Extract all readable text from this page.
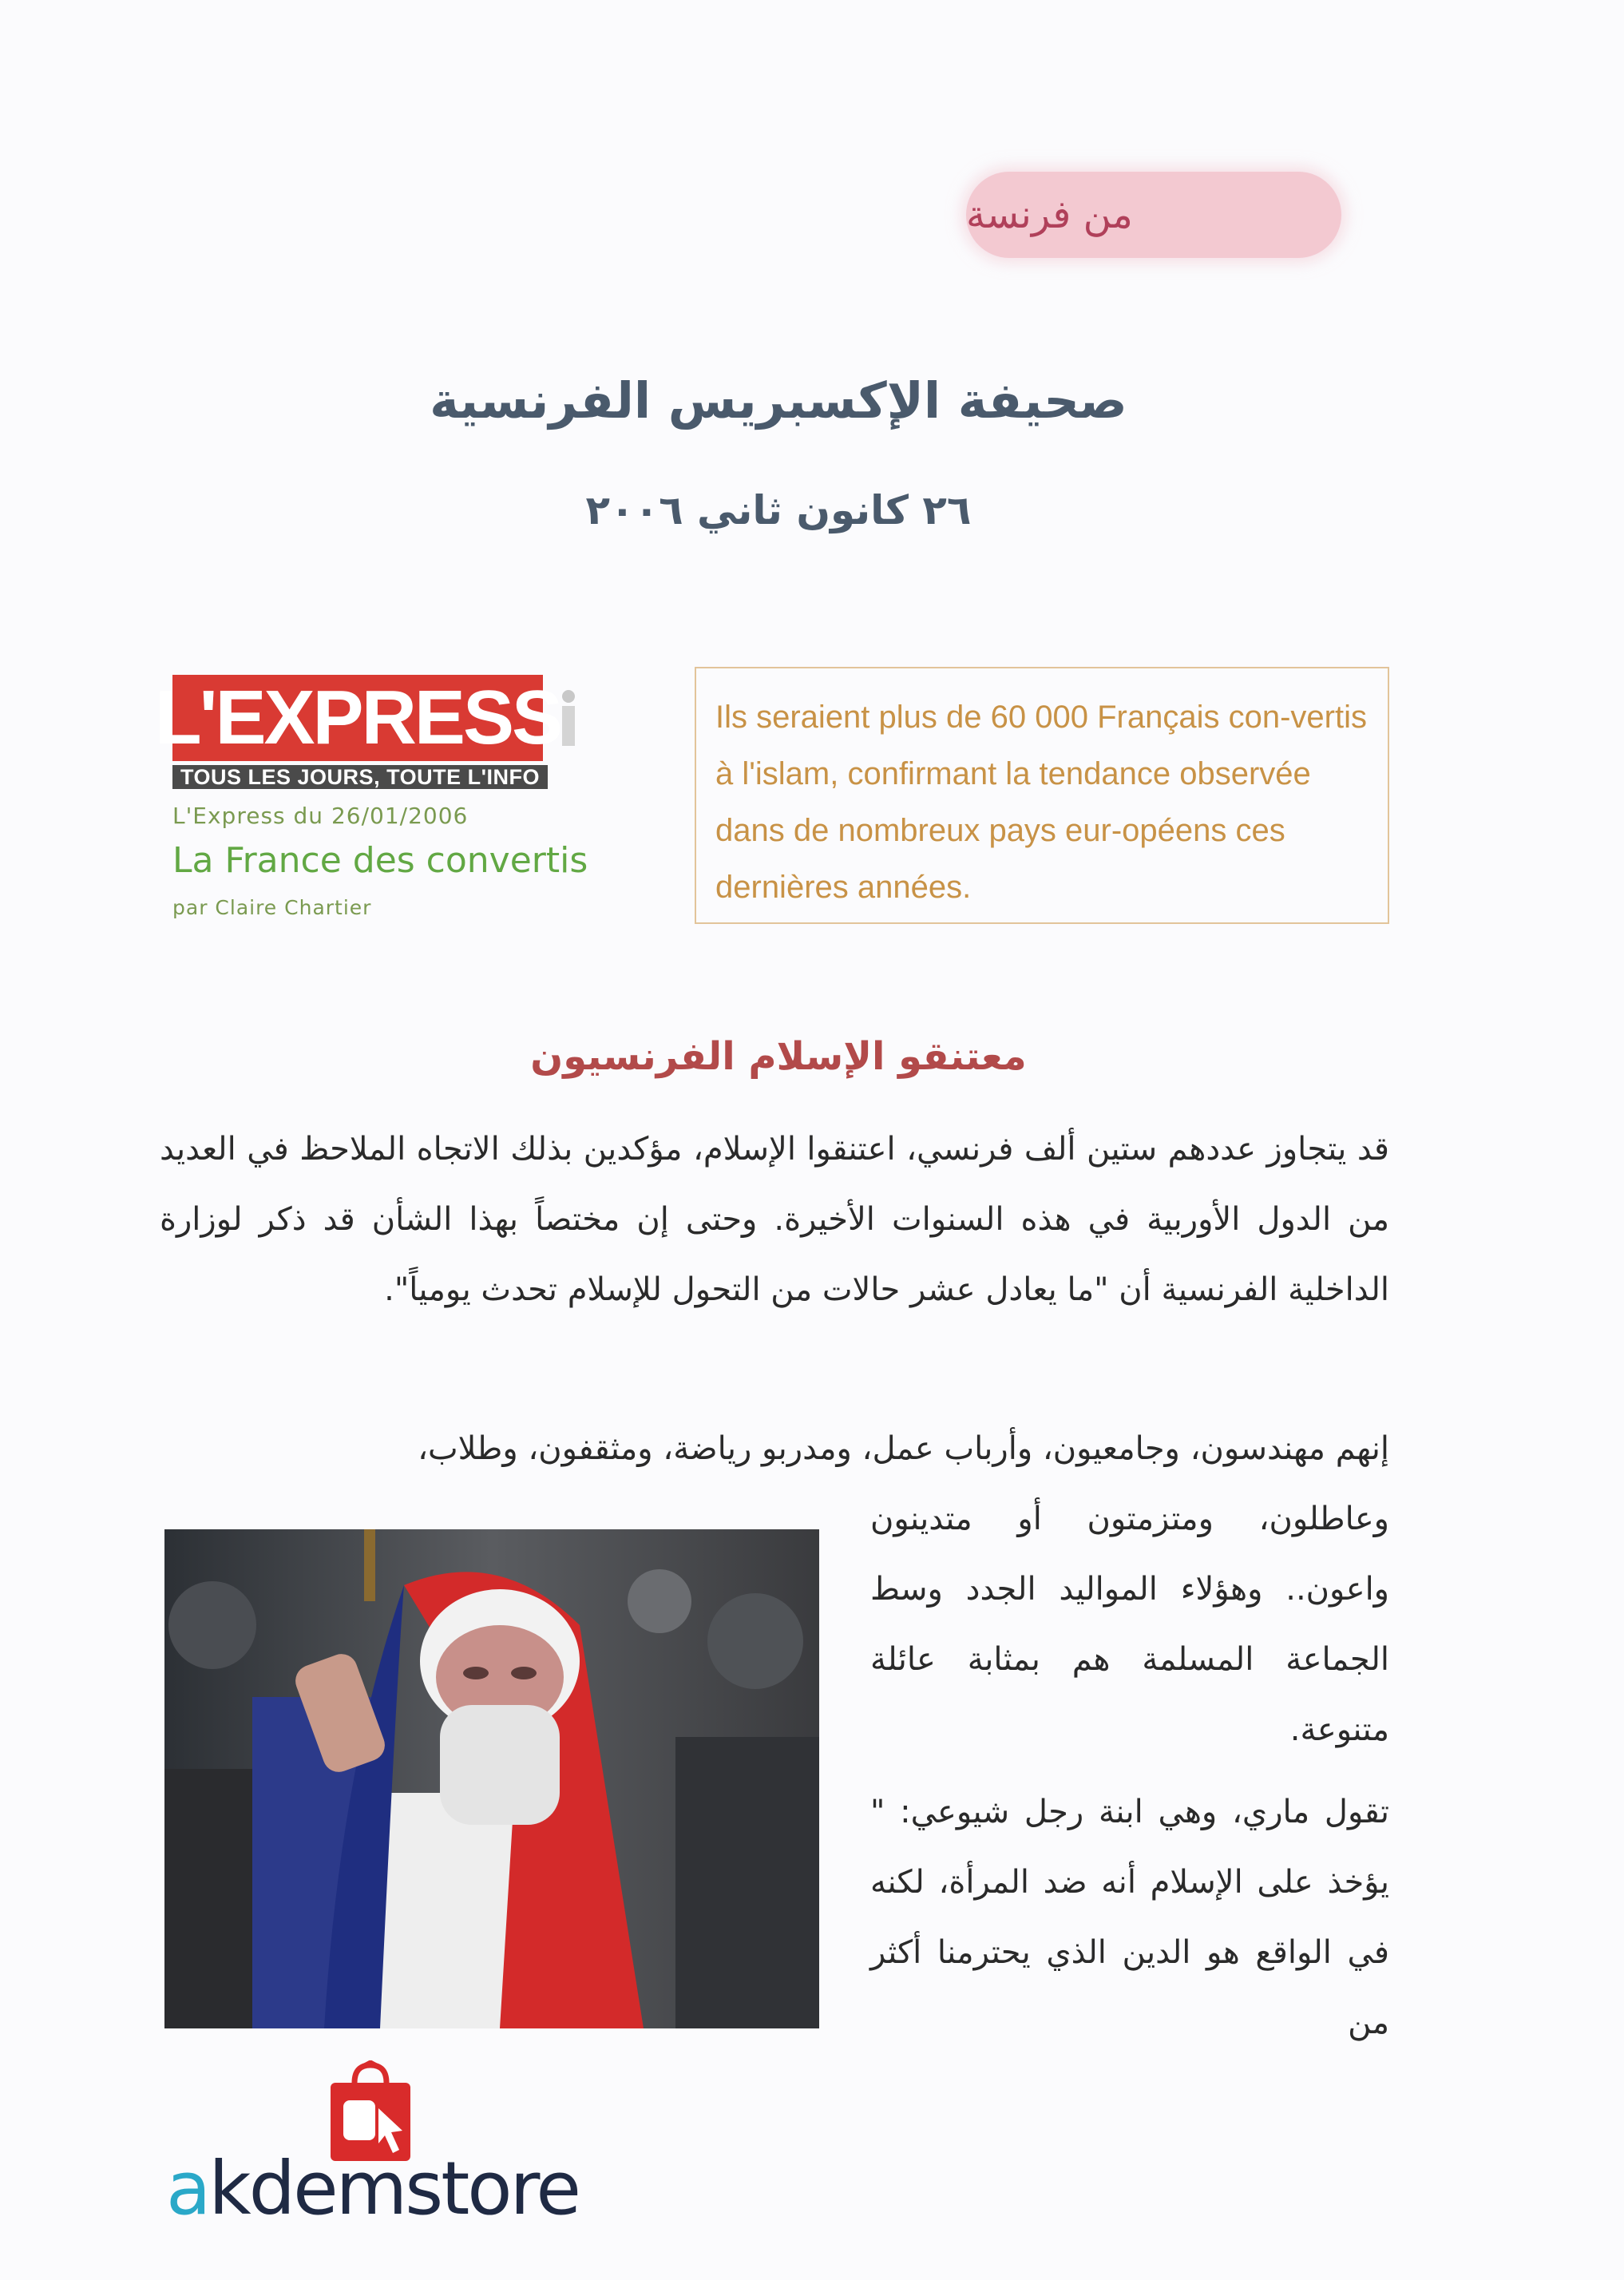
من فرنسة
صحيفة الإكسبريس الفرنسية
٢٦ كانون ثاني ٢٠٠٦
L'EXPRESS
TOUS LES JOURS, TOUTE L'INFO
L'Express du 26/01/2006
La France des convertis
par Claire Chartier

Ils seraient plus de 60 000 Français con-vertis à l'islam, confirmant la tendance observée dans de nombreux pays eur-opéens ces dernières années.

معتنقو الإسلام الفرنسيون

قد يتجاوز عددهم ستين ألف فرنسي، اعتنقوا الإسلام، مؤكدين بذلك الاتجاه الملاحظ في العديد من الدول الأوربية في هذه السنوات الأخيرة. وحتى إن مختصاً بهذا الشأن قد ذكر لوزارة الداخلية الفرنسية أن "ما يعادل عشر حالات من التحول للإسلام تحدث يومياً".

إنهم مهندسون، وجامعيون، وأرباب عمل، ومدربو رياضة، ومثقفون، وطلاب،

وعاطلون، ومتزمتون أو متدينون واعون.. وهؤلاء المواليد الجدد وسط الجماعة المسلمة هم بمثابة عائلة متنوعة.

تقول ماري، وهي ابنة رجل شيوعي: " يؤخذ على الإسلام أنه ضد المرأة، لكنه في الواقع هو الدين الذي يحترمنا أكثر من

akdemstore
